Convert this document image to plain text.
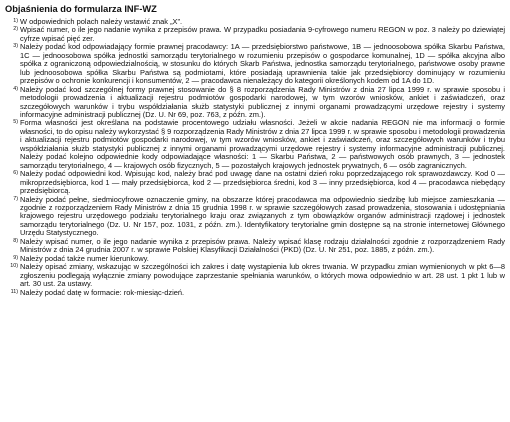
Objaśnienia do formularza INF-WZ

1) W odpowiednich polach należy wstawić znak „X”.

2) Wpisać numer, o ile jego nadanie wynika z przepisów prawa. W przypadku posiadania 9-cyfrowego numeru REGON w poz. 3 należy po dziewiątej cyfrze wpisać pięć zer.

3) Należy podać kod odpowiadający formie prawnej pracodawcy: 1A — przedsiębiorstwo państwowe, 1B — jednoosobowa spółka Skarbu Państwa, 1C — jednoosobowa spółka jednostki samorządu terytorialnego w rozumieniu przepisów o gospodarce komunalnej, 1D — spółka akcyjna albo spółka z ograniczoną odpowiedzialnością, w stosunku do których Skarb Państwa, jednostka samorządu terytorialnego, państwowe osoby prawne lub jednoosobowa spółka Skarbu Państwa są podmiotami, które posiadają uprawnienia takie jak przedsiębiorcy dominujący w rozumieniu przepisów o ochronie konkurencji i konsumentów, 2 — pracodawca nienależący do kategorii określonych kodem od 1A do 1D.

4) Należy podać kod szczególnej formy prawnej stosowanie do § 8 rozporządzenia Rady Ministrów z dnia 27 lipca 1999 r. w sprawie sposobu i metodologii prowadzenia i aktualizacji rejestru podmiotów gospodarki narodowej, w tym wzorów wniosków, ankiet i zaświadczeń, oraz szczegółowych warunków i trybu współdziałania służb statystyki publicznej z innymi organami prowadzącymi urzędowe rejestry i systemy informacyjne administracji publicznej (Dz. U. Nr 69, poz. 763, z późn. zm.).

5) Forma własności jest określana na podstawie procentowego udziału własności. Jeżeli w akcie nadania REGON nie ma informacji o formie własności, to do opisu należy wykorzystać § 9 rozporządzenia Rady Ministrów z dnia 27 lipca 1999 r. w sprawie sposobu i metodologii prowadzenia i aktualizacji rejestru podmiotów gospodarki narodowej, w tym wzorów wniosków, ankiet i zaświadczeń, oraz szczegółowych warunków i trybu współdziałania służb statystyki publicznej z innymi organami prowadzącymi urzędowe rejestry i systemy informacyjne administracji publicznej. Należy podać kolejno odpowiednie kody odpowiadające własności: 1 — Skarbu Państwa, 2 — państwowych osób prawnych, 3 — jednostek samorządu terytorialnego, 4 — krajowych osób fizycznych, 5 — pozostałych krajowych jednostek prywatnych, 6 — osób zagranicznych.

6) Należy podać odpowiedni kod. Wpisując kod, należy brać pod uwagę dane na ostatni dzień roku poprzedzającego rok sprawozdawczy. Kod 0 — mikroprzedsiębiorca, kod 1 — mały przedsiębiorca, kod 2 — przedsiębiorca średni, kod 3 — inny przedsiębiorca, kod 4 — pracodawca niebędący przedsiębiorcą.

7) Należy podać pełne, siedmiocyfrowe oznaczenie gminy, na obszarze której pracodawca ma odpowiednio siedzibę lub miejsce zamieszkania — zgodnie z rozporządzeniem Rady Ministrów z dnia 15 grudnia 1998 r. w sprawie szczegółowych zasad prowadzenia, stosowania i udostępniania krajowego rejestru urzędowego podziału terytorialnego kraju oraz związanych z tym obowiązków organów administracji rządowej i jednostek samorządu terytorialnego (Dz. U. Nr 157, poz. 1031, z późn. zm.). Identyfikatory terytorialne gmin dostępne są na stronie internetowej Głównego Urzędu Statystycznego.

8) Należy wpisać numer, o ile jego nadanie wynika z przepisów prawa. Należy wpisać klasę rodzaju działalności zgodnie z rozporządzeniem Rady Ministrów z dnia 24 grudnia 2007 r. w sprawie Polskiej Klasyfikacji Działalności (PKD) (Dz. U. Nr 251, poz. 1885, z późn. zm.).

9) Należy podać także numer kierunkowy.

10) Należy opisać zmiany, wskazując w szczególności ich zakres i datę wystąpienia lub okres trwania. W przypadku zmian wymienionych w pkt 6—8 zgłoszeniu podlegają wyłącznie zmiany powodujące zaprzestanie spełniania warunków, o których mowa odpowiednio w art. 28 ust. 1 pkt 1 lub w art. 30 ust. 2a ustawy.

11) Należy podać datę w formacie: rok-miesiąc-dzień.
